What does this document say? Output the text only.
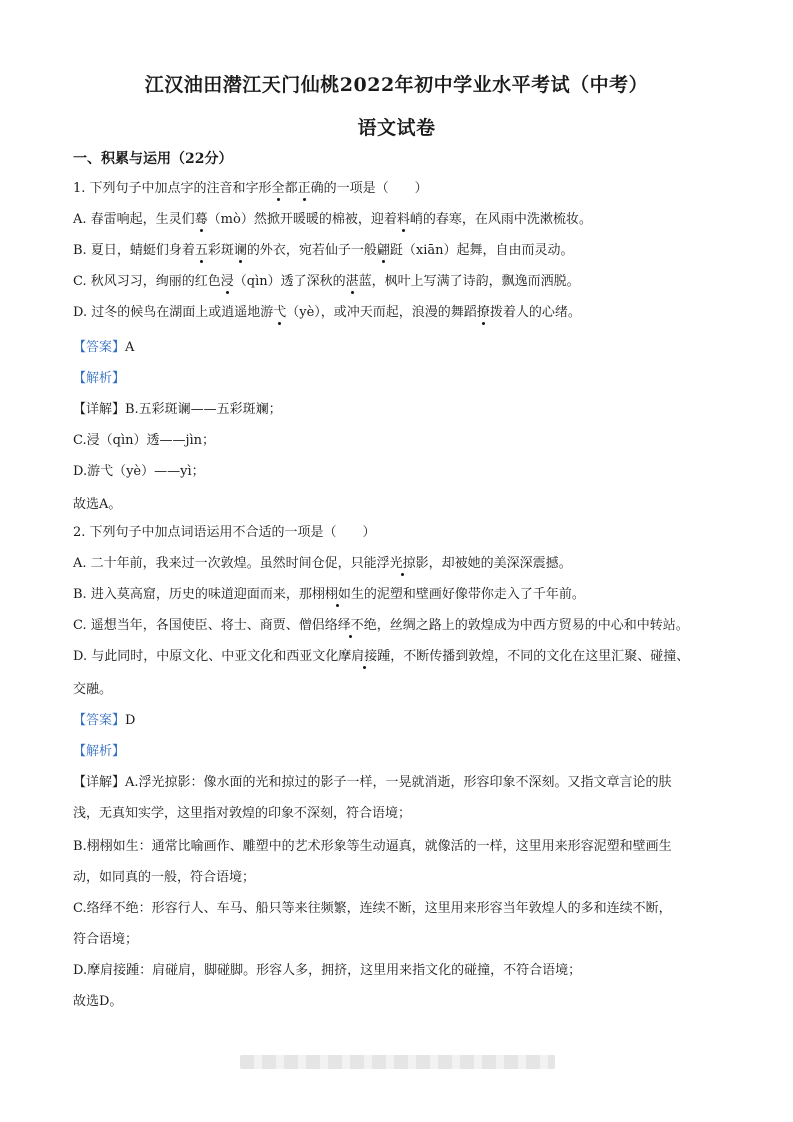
江汉油田潜江天门仙桃2022年初中学业水平考试（中考）
语文试卷
一、积累与运用（22分）
1. 下列句子中加点字的注音和字形全都正确的一项是（　　）
A. 春雷响起，生灵们蓦（mò）然掀开暖暖的棉被，迎着料峭的春寒，在风雨中洗漱梳妆。
B. 夏日，蜻蜓们身着五彩斑谰的外衣，宛若仙子一般翩跹（xiān）起舞，自由而灵动。
C. 秋风习习，绚丽的红色浸（qìn）透了深秋的湛蓝，枫叶上写满了诗韵，飘逸而洒脱。
D. 过冬的候鸟在湖面上或逍遥地游弋（yè），或冲天而起，浪漫的舞蹈撩拨着人的心绪。
【答案】A
【解析】
【详解】B.五彩斑谰——五彩斑斓；
C.浸（qìn）透——jìn；
D.游弋（yè）——yì；
故选A。
2. 下列句子中加点词语运用不合适的一项是（　　）
A. 二十年前，我来过一次敦煌。虽然时间仓促，只能浮光掠影，却被她的美深深震撼。
B. 进入莫高窟，历史的味道迎面而来，那栩栩如生的泥塑和壁画好像带你走入了千年前。
C. 遥想当年，各国使臣、将士、商贾、僧侣络绎不绝，丝绸之路上的敦煌成为中西方贸易的中心和中转站。
D. 与此同时，中原文化、中亚文化和西亚文化摩肩接踵，不断传播到敦煌，不同的文化在这里汇聚、碰撞、
交融。
【答案】D
【解析】
【详解】A.浮光掠影：像水面的光和掠过的影子一样，一晃就消逝，形容印象不深刻。又指文章言论的肤
浅，无真知实学，这里指对敦煌的印象不深刻，符合语境；
B.栩栩如生：通常比喻画作、雕塑中的艺术形象等生动逼真，就像活的一样，这里用来形容泥塑和壁画生
动，如同真的一般，符合语境；
C.络绎不绝：形容行人、车马、船只等来往频繁，连续不断，这里用来形容当年敦煌人的多和连续不断，
符合语境；
D.摩肩接踵：肩碰肩，脚碰脚。形容人多，拥挤，这里用来指文化的碰撞，不符合语境；
故选D。
